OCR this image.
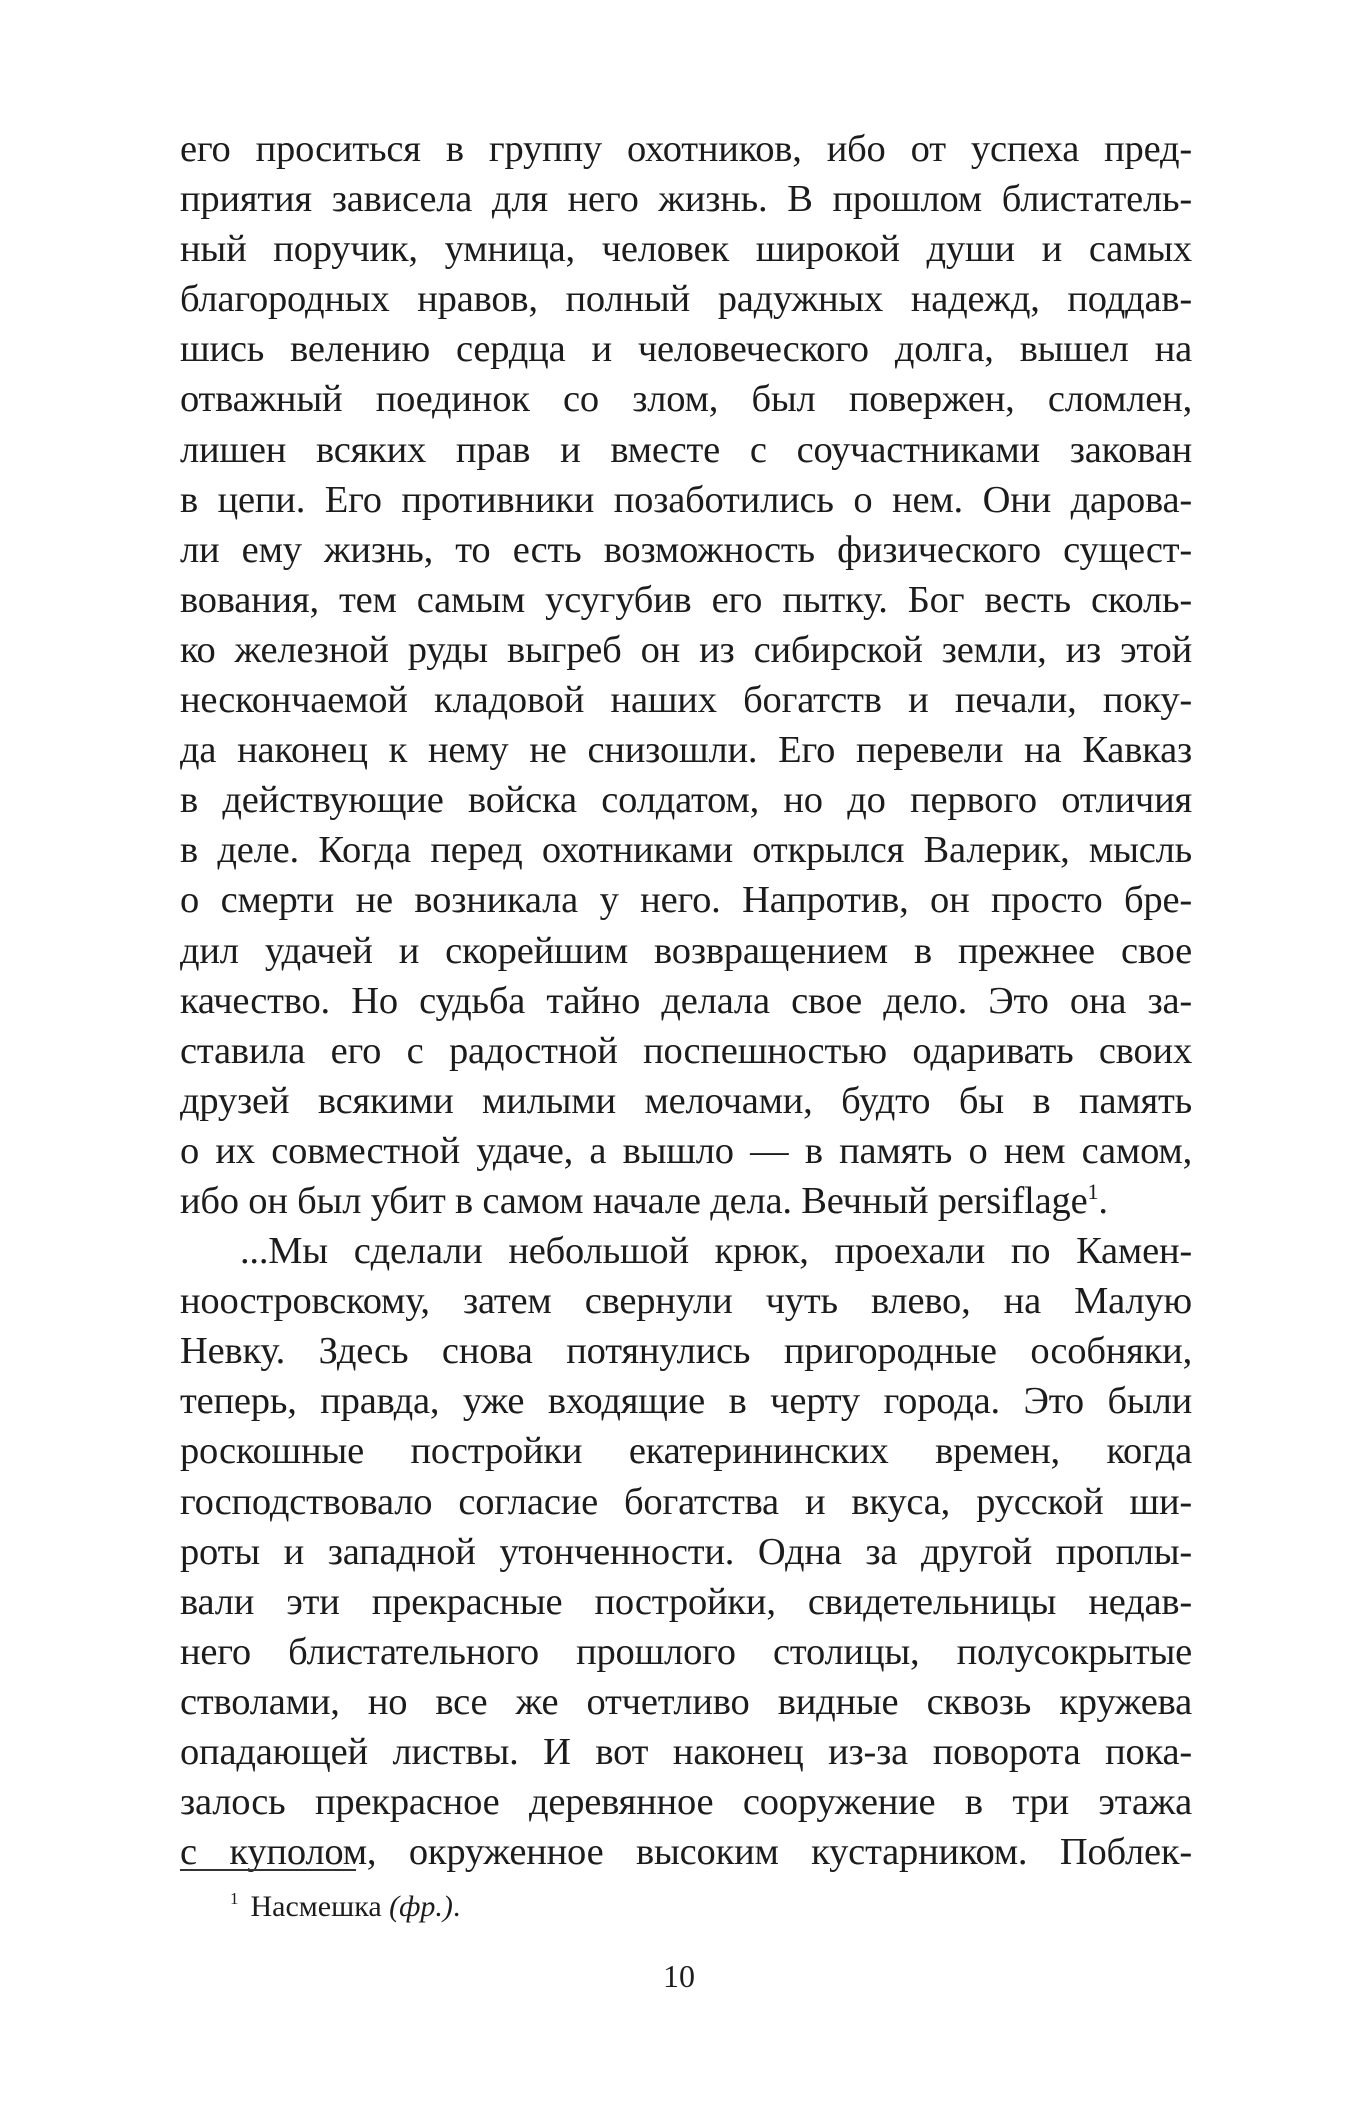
его проситься в группу охотников, ибо от успеха пред-
приятия зависела для него жизнь. В прошлом блистатель-
ный поручик, умница, человек широкой души и самых
благородных нравов, полный радужных надежд, поддав-
шись велению сердца и человеческого долга, вышел на
отважный поединок со злом, был повержен, сломлен,
лишен всяких прав и вместе с соучастниками закован
в цепи. Его противники позаботились о нем. Они дарова-
ли ему жизнь, то есть возможность физического сущест-
вования, тем самым усугубив его пытку. Бог весть сколь-
ко железной руды выгреб он из сибирской земли, из этой
нескончаемой кладовой наших богатств и печали, поку-
да наконец к нему не снизошли. Его перевели на Кавказ
в действующие войска солдатом, но до первого отличия
в деле. Когда перед охотниками открылся Валерик, мысль
о смерти не возникала у него. Напротив, он просто бре-
дил удачей и скорейшим возвращением в прежнее свое
качество. Но судьба тайно делала свое дело. Это она за-
ставила его с радостной поспешностью одаривать своих
друзей всякими милыми мелочами, будто бы в память
о их совместной удаче, а вышло — в память о нем самом,
ибо он был убит в самом начале дела. Вечный persiflage$^1$.
...Мы сделали небольшой крюк, проехали по Камен-
ноостровскому, затем свернули чуть влево, на Малую
Невку. Здесь снова потянулись пригородные особняки,
теперь, правда, уже входящие в черту города. Это были
роскошные постройки екатерининских времен, когда
господствовало согласие богатства и вкуса, русской ши-
роты и западной утонченности. Одна за другой проплы-
вали эти прекрасные постройки, свидетельницы недав-
него блистательного прошлого столицы, полусокрытые
стволами, но все же отчетливо видные сквозь кружева
опадающей листвы. И вот наконец из-за поворота пока-
залось прекрасное деревянное сооружение в три этажа
с куполом, окруженное высоким кустарником. Поблек-
$^1$ Насмешка (фр.).
10
